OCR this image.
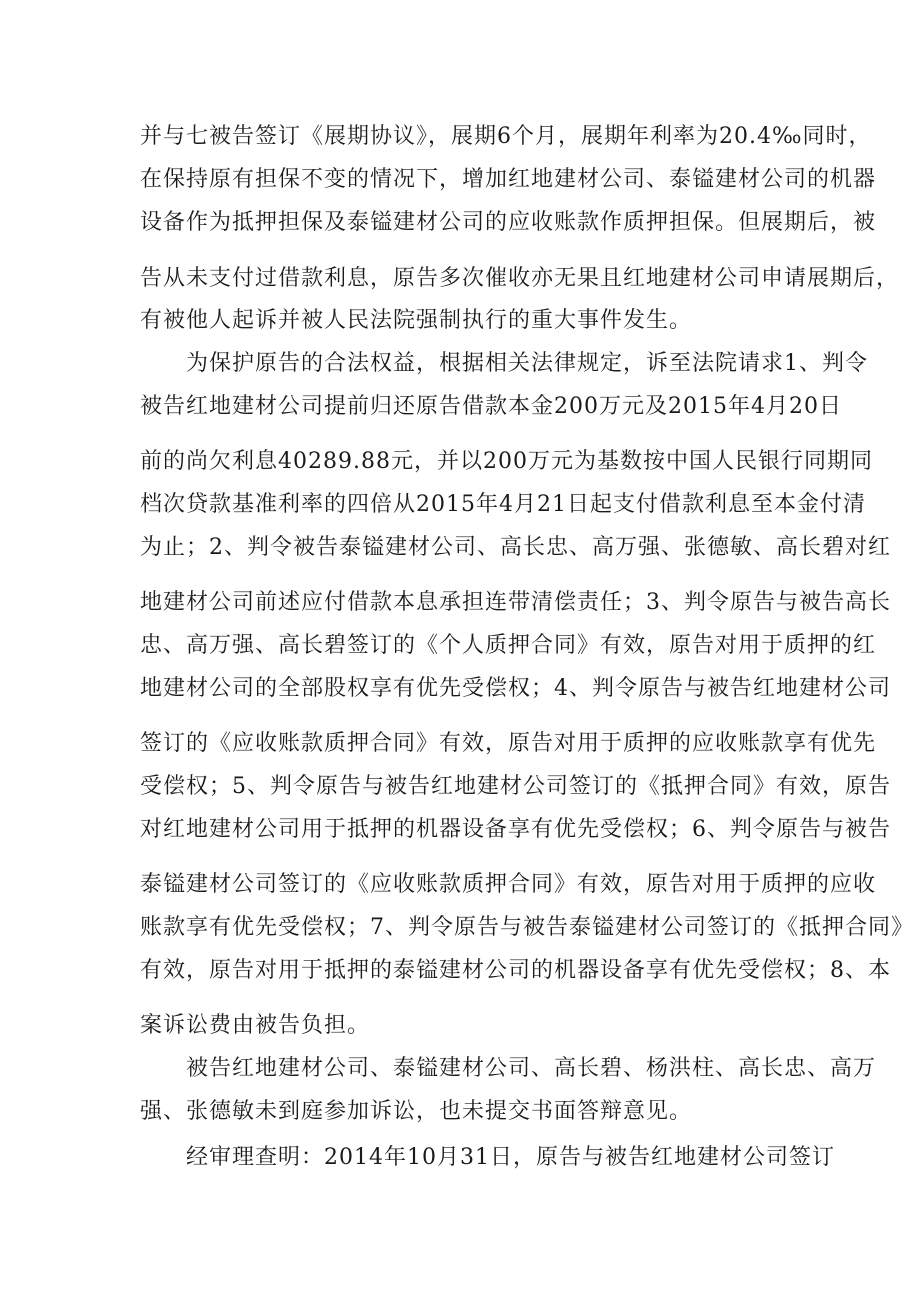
并与七被告签订《展期协议》，展期6个月，展期年利率为20.4‰同时，
在保持原有担保不变的情况下，增加红地建材公司、泰镒建材公司的机器
设备作为抵押担保及泰镒建材公司的应收账款作质押担保。但展期后，被
告从未支付过借款利息，原告多次催收亦无果且红地建材公司申请展期后，
有被他人起诉并被人民法院强制执行的重大事件发生。
为保护原告的合法权益，根据相关法律规定，诉至法院请求1、判令
被告红地建材公司提前归还原告借款本金200万元及2015年4月20日
前的尚欠利息40289.88元，并以200万元为基数按中国人民银行同期同
档次贷款基准利率的四倍从2015年4月21日起支付借款利息至本金付清
为止；2、判令被告泰镒建材公司、高长忠、高万强、张德敏、高长碧对红
地建材公司前述应付借款本息承担连带清偿责任；3、判令原告与被告高长
忠、高万强、高长碧签订的《个人质押合同》有效，原告对用于质押的红
地建材公司的全部股权享有优先受偿权；4、判令原告与被告红地建材公司
签订的《应收账款质押合同》有效，原告对用于质押的应收账款享有优先
受偿权；5、判令原告与被告红地建材公司签订的《抵押合同》有效，原告
对红地建材公司用于抵押的机器设备享有优先受偿权；6、判令原告与被告
泰镒建材公司签订的《应收账款质押合同》有效，原告对用于质押的应收
账款享有优先受偿权；7、判令原告与被告泰镒建材公司签订的《抵押合同》
有效，原告对用于抵押的泰镒建材公司的机器设备享有优先受偿权；8、本
案诉讼费由被告负担。
被告红地建材公司、泰镒建材公司、高长碧、杨洪柱、高长忠、高万
强、张德敏未到庭参加诉讼，也未提交书面答辩意见。
经审理查明：2014年10月31日，原告与被告红地建材公司签订
